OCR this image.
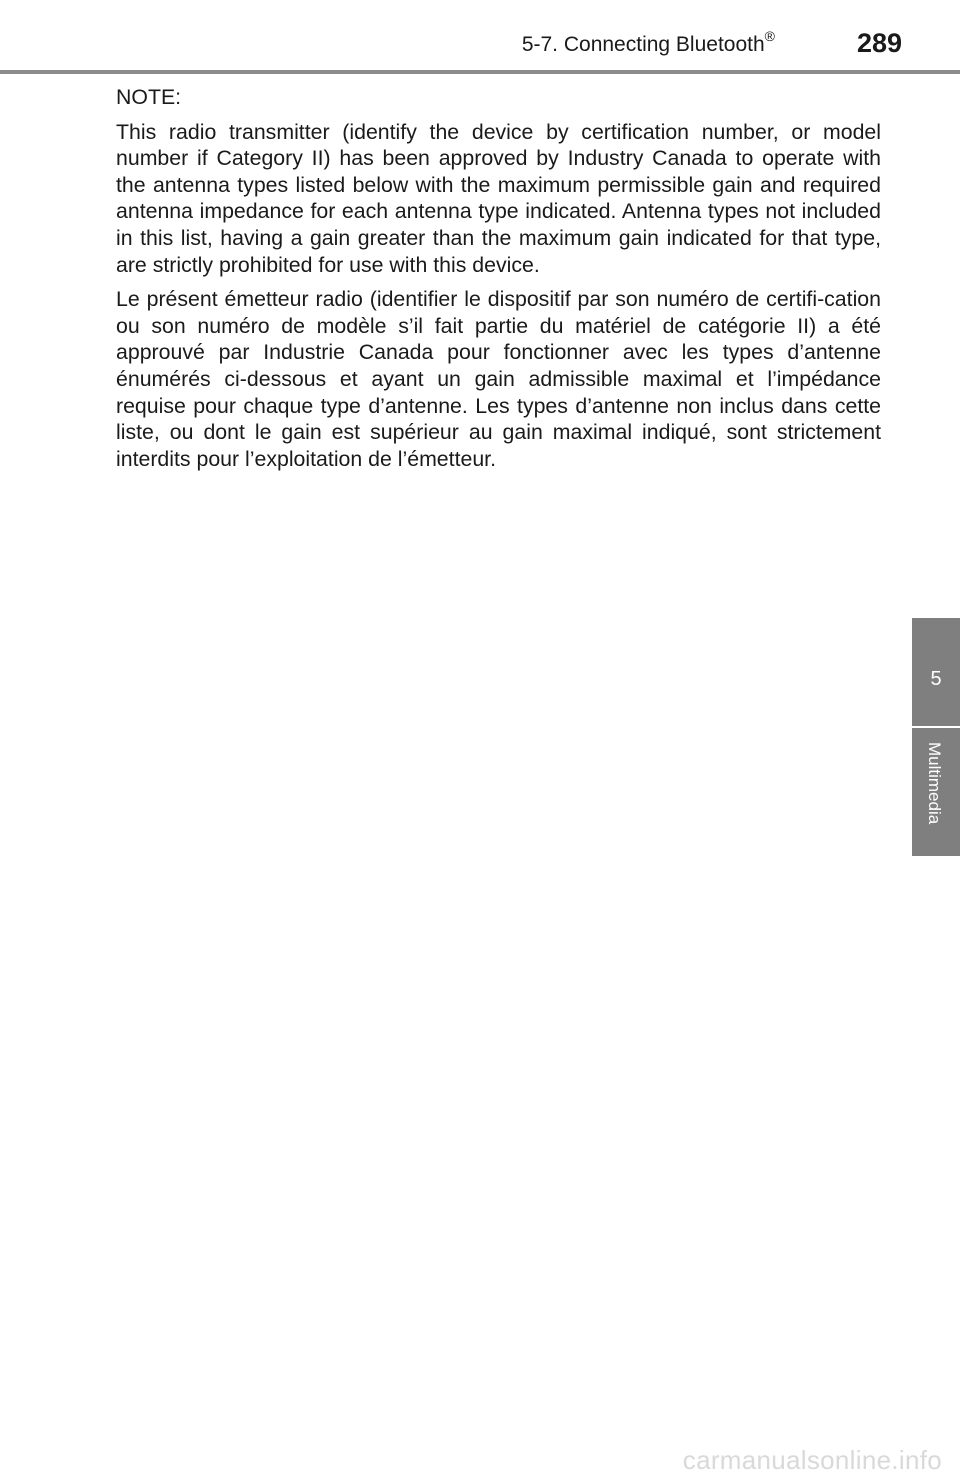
5-7. Connecting Bluetooth®	289

NOTE:

This radio transmitter (identify the device by certification number, or model number if Category II) has been approved by Industry Canada to operate with the antenna types listed below with the maximum permissible gain and required antenna impedance for each antenna type indicated. Antenna types not included in this list, having a gain greater than the maximum gain indicated for that type, are strictly prohibited for use with this device.

Le présent émetteur radio (identifier le dispositif par son numéro de certifi-cation ou son numéro de modèle s’il fait partie du matériel de catégorie II) a été approuvé par Industrie Canada pour fonctionner avec les types d’antenne énumérés ci-dessous et ayant un gain admissible maximal et l’impédance requise pour chaque type d’antenne. Les types d’antenne non inclus dans cette liste, ou dont le gain est supérieur au gain maximal indiqué, sont strictement interdits pour l’exploitation de l’émetteur.

5
Multimedia
carmanualsonline.info
